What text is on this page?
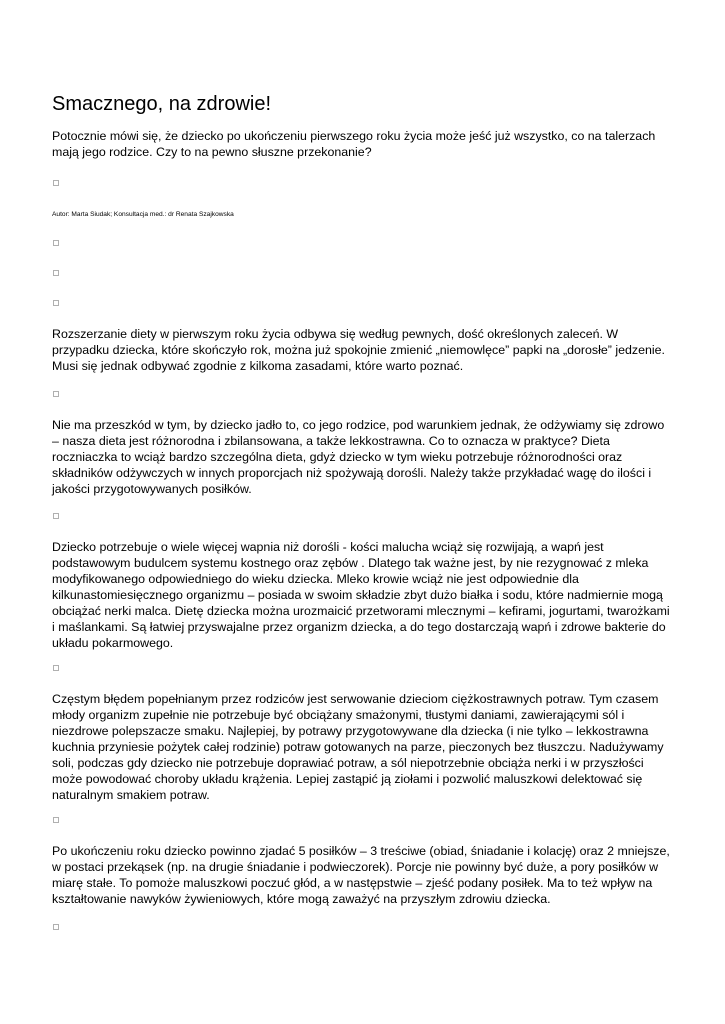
Smacznego, na zdrowie!

Potocznie mówi się, że dziecko po ukończeniu pierwszego roku życia może jeść już wszystko, co na talerzach mają jego rodzice. Czy to na pewno słuszne przekonanie?

Autor: Marta Siudak; Konsultacja med.: dr Renata Szajkowska

Rozszerzanie diety w pierwszym roku życia odbywa się według pewnych, dość określonych zaleceń. W przypadku dziecka, które skończyło rok, można już spokojnie zmienić „niemowlęce” papki na „dorosłe” jedzenie. Musi się jednak odbywać zgodnie z kilkoma zasadami, które warto poznać.

Nie ma przeszkód w tym, by dziecko jadło to, co jego rodzice, pod warunkiem jednak, że odżywiamy się zdrowo – nasza dieta jest różnorodna i zbilansowana, a także lekkostrawna. Co to oznacza w praktyce? Dieta roczniaczka to wciąż bardzo szczególna dieta, gdyż dziecko w tym wieku potrzebuje różnorodności oraz składników odżywczych w innych proporcjach niż spożywają dorośli. Należy także przykładać wagę do ilości i jakości przygotowywanych posiłków.

Dziecko potrzebuje o wiele więcej wapnia niż dorośli - kości malucha wciąż się rozwijają, a wapń jest podstawowym budulcem systemu kostnego oraz zębów . Dlatego tak ważne jest, by nie rezygnować z mleka modyfikowanego odpowiedniego do wieku dziecka. Mleko krowie wciąż nie jest odpowiednie dla kilkunastomiesięcznego organizmu – posiada w swoim składzie zbyt dużo białka i sodu, które nadmiernie mogą obciążać nerki malca. Dietę dziecka można urozmaicić przetworami mlecznymi – kefirami, jogurtami, twarożkami i maślankami. Są łatwiej przyswajalne przez organizm dziecka, a do tego dostarczają wapń i zdrowe bakterie do układu pokarmowego.

Częstym błędem popełnianym przez rodziców jest serwowanie dzieciom ciężkostrawnych potraw. Tym czasem młody organizm zupełnie nie potrzebuje być obciążany smażonymi, tłustymi daniami, zawierającymi sól i niezdrowe polepszacze smaku. Najlepiej, by potrawy przygotowywane dla dziecka (i nie tylko – lekkostrawna kuchnia przyniesie pożytek całej rodzinie) potraw gotowanych na parze, pieczonych bez tłuszczu. Nadużywamy soli, podczas gdy dziecko nie potrzebuje doprawiać potraw, a sól niepotrzebnie obciąża nerki i w przyszłości może powodować choroby układu krążenia. Lepiej zastąpić ją ziołami i pozwolić maluszkowi delektować się naturalnym smakiem potraw.

Po ukończeniu roku dziecko powinno zjadać 5 posiłków – 3 treściwe (obiad, śniadanie i kolację) oraz 2 mniejsze, w postaci przekąsek (np. na drugie śniadanie i podwieczorek). Porcje nie powinny być duże, a pory posiłków w miarę stałe. To pomoże maluszkowi poczuć głód, a w następstwie – zjeść podany posiłek. Ma to też wpływ na kształtowanie nawyków żywieniowych, które mogą zaważyć na przyszłym zdrowiu dziecka.
